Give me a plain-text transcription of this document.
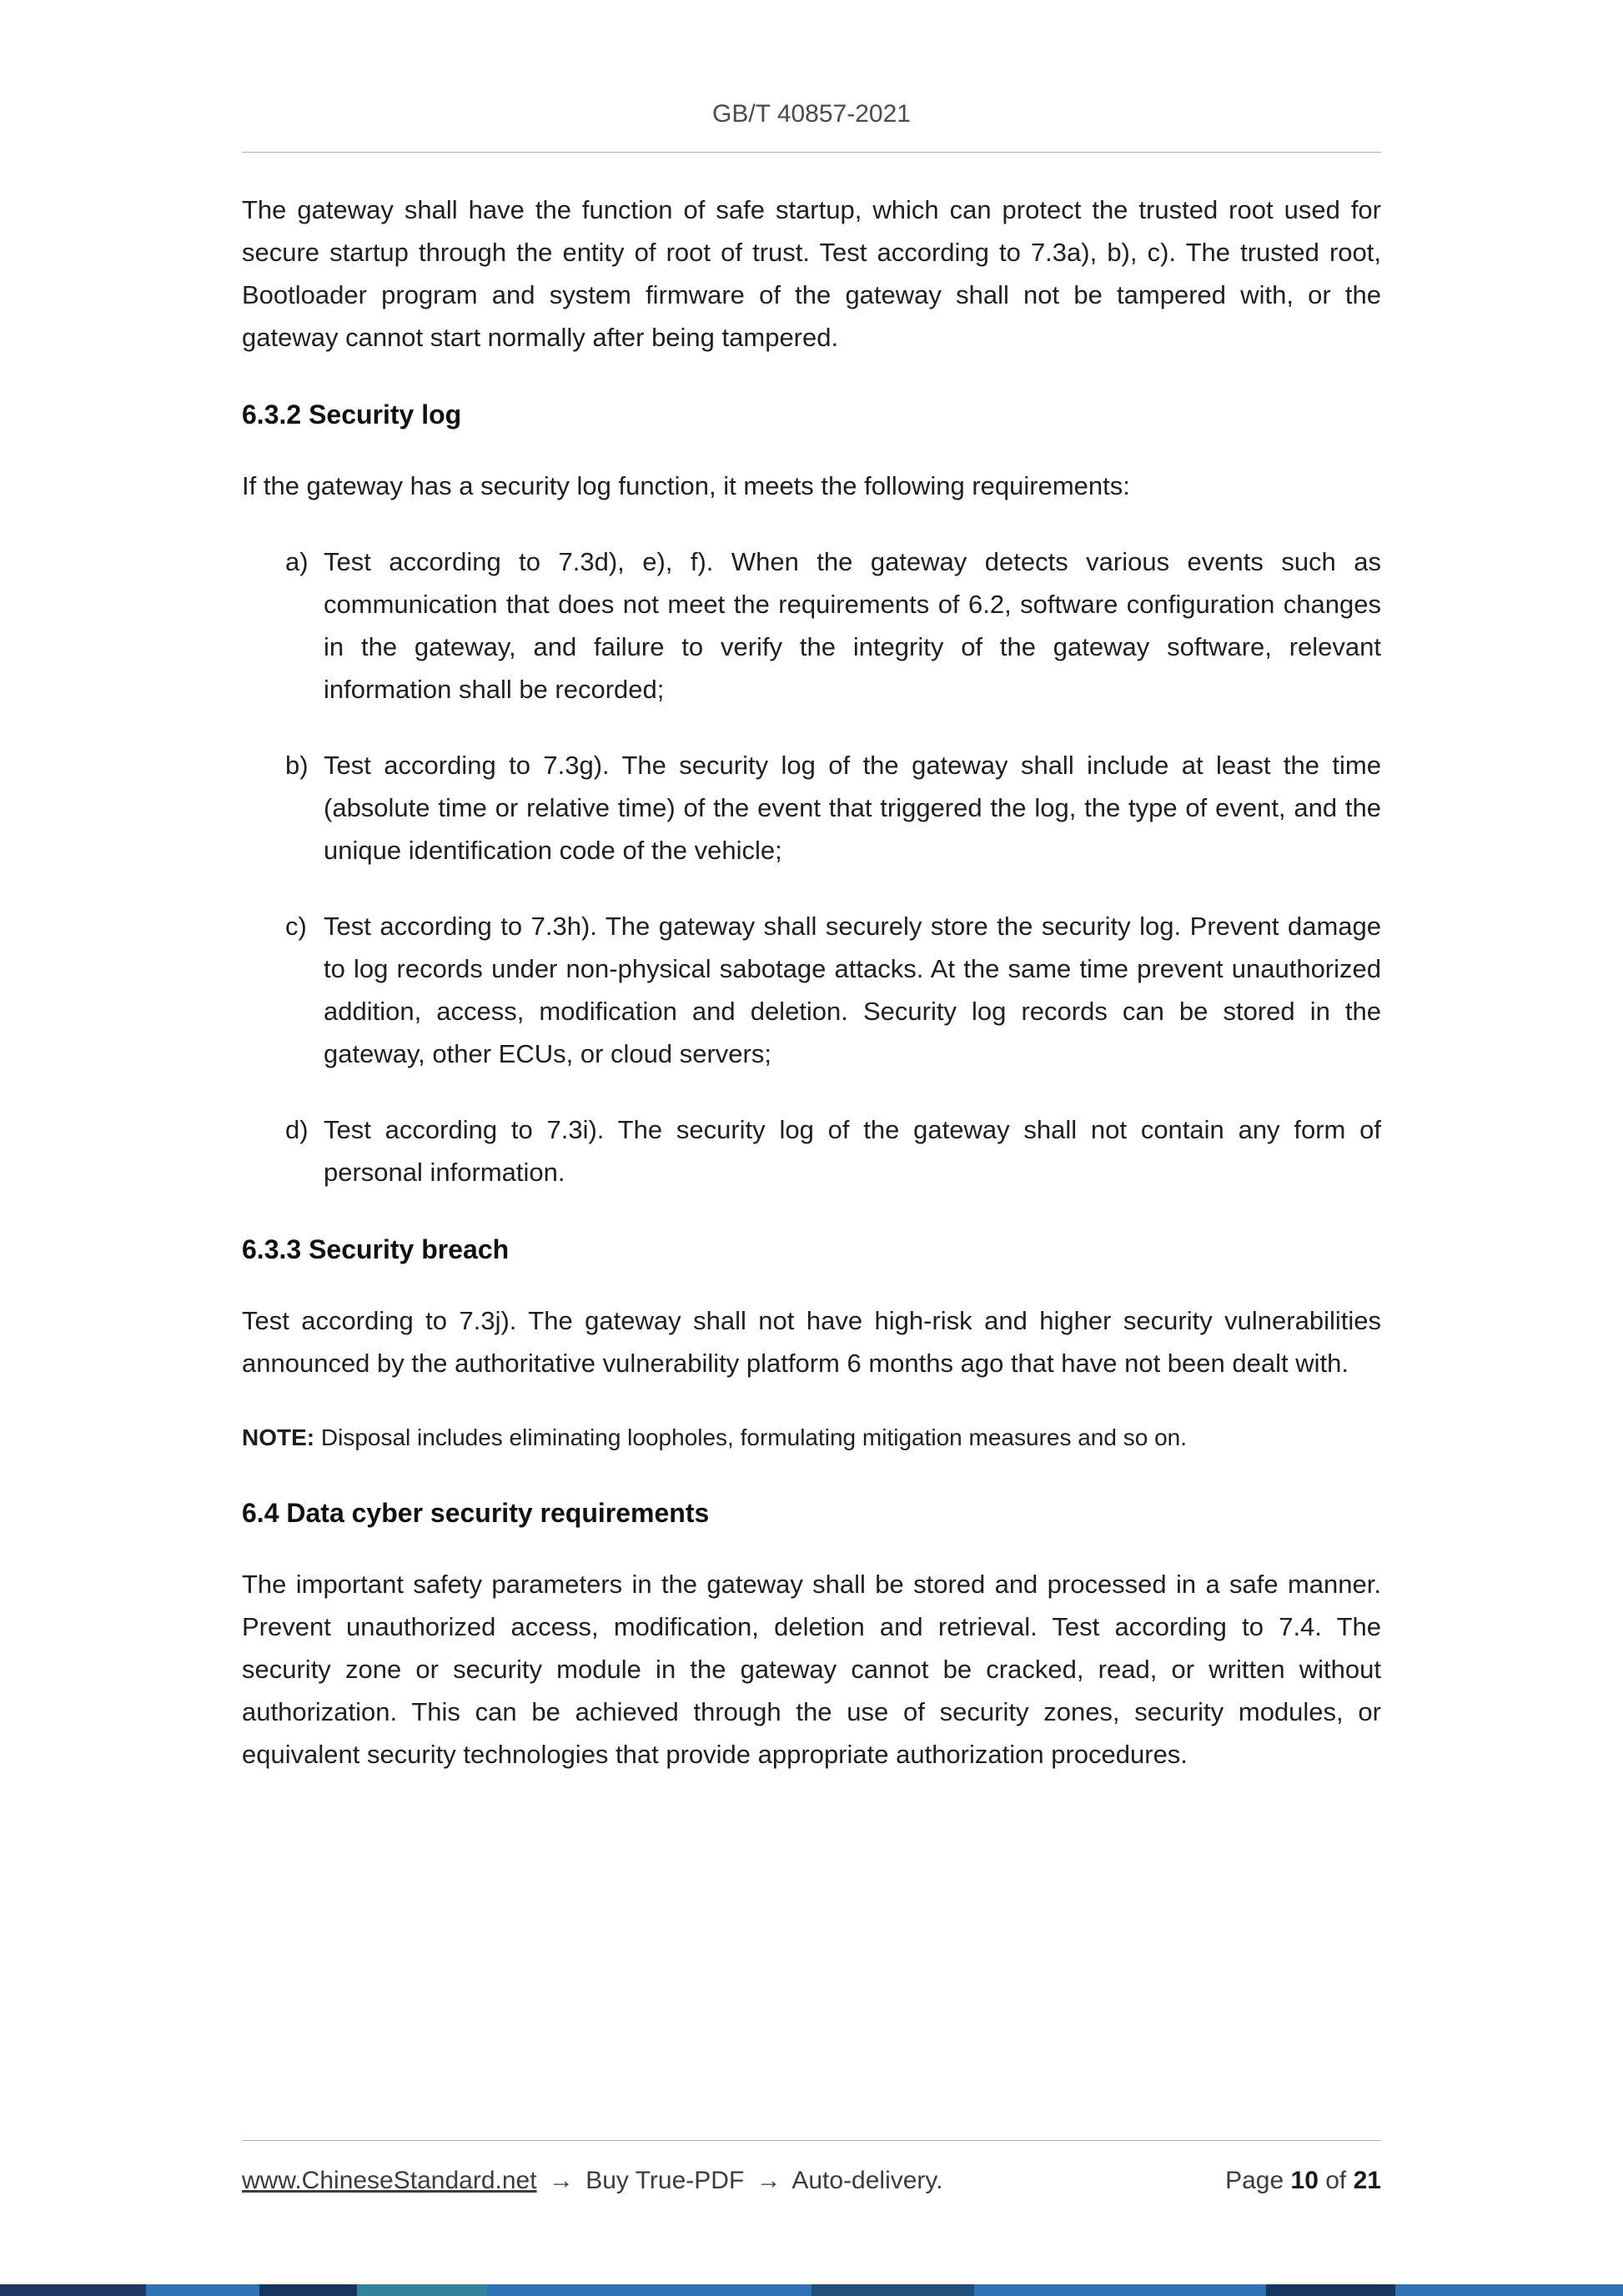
GB/T 40857-2021

The gateway shall have the function of safe startup, which can protect the trusted root used for secure startup through the entity of root of trust. Test according to 7.3a), b), c). The trusted root, Bootloader program and system firmware of the gateway shall not be tampered with, or the gateway cannot start normally after being tampered.

6.3.2 Security log

If the gateway has a security log function, it meets the following requirements:

a) Test according to 7.3d), e), f). When the gateway detects various events such as communication that does not meet the requirements of 6.2, software configuration changes in the gateway, and failure to verify the integrity of the gateway software, relevant information shall be recorded;
b) Test according to 7.3g). The security log of the gateway shall include at least the time (absolute time or relative time) of the event that triggered the log, the type of event, and the unique identification code of the vehicle;
c) Test according to 7.3h). The gateway shall securely store the security log. Prevent damage to log records under non-physical sabotage attacks. At the same time prevent unauthorized addition, access, modification and deletion. Security log records can be stored in the gateway, other ECUs, or cloud servers;
d) Test according to 7.3i). The security log of the gateway shall not contain any form of personal information.
6.3.3 Security breach

Test according to 7.3j). The gateway shall not have high-risk and higher security vulnerabilities announced by the authoritative vulnerability platform 6 months ago that have not been dealt with.

NOTE: Disposal includes eliminating loopholes, formulating mitigation measures and so on.

6.4 Data cyber security requirements

The important safety parameters in the gateway shall be stored and processed in a safe manner. Prevent unauthorized access, modification, deletion and retrieval. Test according to 7.4. The security zone or security module in the gateway cannot be cracked, read, or written without authorization. This can be achieved through the use of security zones, security modules, or equivalent security technologies that provide appropriate authorization procedures.

www.ChineseStandard.net → Buy True-PDF → Auto-delivery.	Page 10 of 21
